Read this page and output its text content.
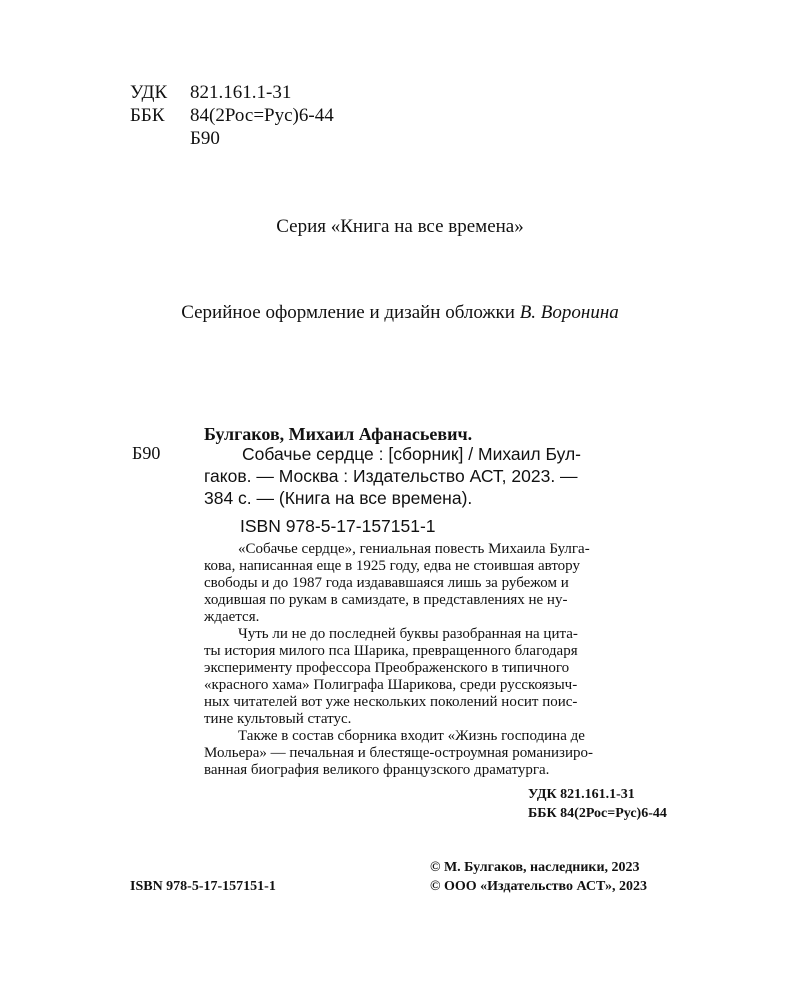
УДК 821.161.1-31
ББК 84(2Рос=Рус)6-44
Б90
Серия «Книга на все времена»
Серийное оформление и дизайн обложки В. Воронина
Булгаков, Михаил Афанасьевич.
Б90	Собачье сердце : [сборник] / Михаил Бул-
гаков. — Москва : Издательство АСТ, 2023. —
384 с. — (Книга на все времена).
ISBN 978-5-17-157151-1
«Собачье сердце», гениальная повесть Михаила Булга-
кова, написанная еще в 1925 году, едва не стоившая автору
свободы и до 1987 года издававшаяся лишь за рубежом и
ходившая по рукам в самиздате, в представлениях не ну-
ждается.
Чуть ли не до последней буквы разобранная на цита-
ты история милого пса Шарика, превращенного благодаря
эксперименту профессора Преображенского в типичного
«красного хама» Полиграфа Шарикова, среди русскоязыч-
ных читателей вот уже нескольких поколений носит поис-
тине культовый статус.
Также в состав сборника входит «Жизнь господина де
Мольера» — печальная и блестяще-остроумная романизиро-
ванная биография великого французского драматурга.
УДК 821.161.1-31
ББК 84(2Рос=Рус)6-44
© М. Булгаков, наследники, 2023
ISBN 978-5-17-157151-1	© ООО «Издательство АСТ», 2023
